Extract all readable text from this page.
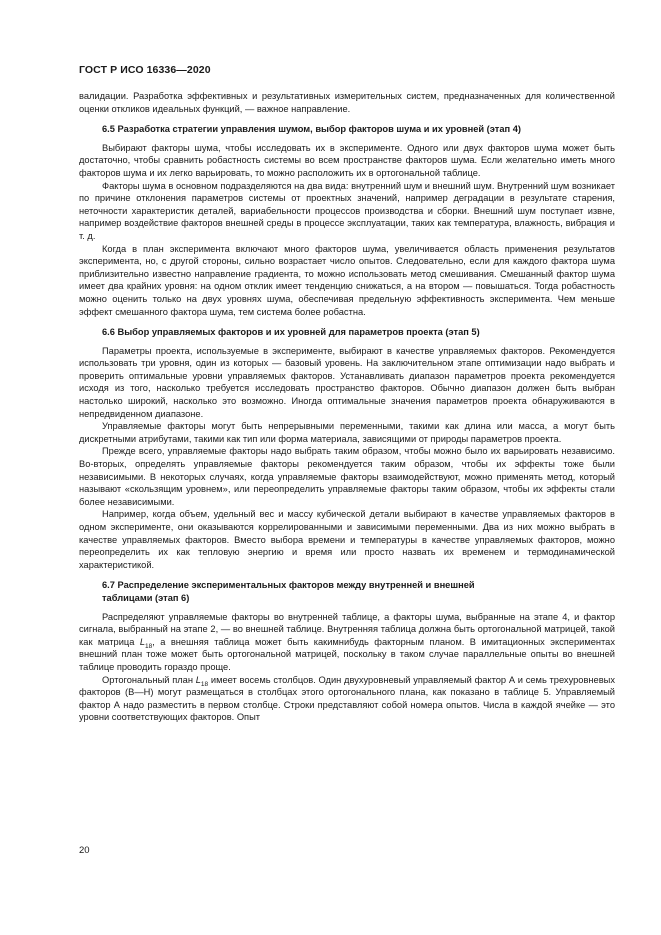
ГОСТ Р ИСО 16336—2020

валидации. Разработка эффективных и результативных измерительных систем, предназначенных для количественной оценки откликов идеальных функций, — важное направление.

6.5 Разработка стратегии управления шумом, выбор факторов шума и их уровней (этап 4)

Выбирают факторы шума, чтобы исследовать их в эксперименте. Одного или двух факторов шума может быть достаточно, чтобы сравнить робастность системы во всем пространстве факторов шума. Если желательно иметь много факторов шума и их легко варьировать, то можно расположить их в ортогональной таблице.

Факторы шума в основном подразделяются на два вида: внутренний шум и внешний шум. Внутренний шум возникает по причине отклонения параметров системы от проектных значений, например деградации в результате старения, неточности характеристик деталей, вариабельности процессов производства и сборки. Внешний шум поступает извне, например воздействие факторов внешней среды в процессе эксплуатации, таких как температура, влажность, вибрация и т. д.

Когда в план эксперимента включают много факторов шума, увеличивается область применения результатов эксперимента, но, с другой стороны, сильно возрастает число опытов. Следовательно, если для каждого фактора шума приблизительно известно направление градиента, то можно использовать метод смешивания. Смешанный фактор шума имеет два крайних уровня: на одном отклик имеет тенденцию снижаться, а на втором — повышаться. Тогда робастность можно оценить только на двух уровнях шума, обеспечивая предельную эффективность эксперимента. Чем меньше эффект смешанного фактора шума, тем система более робастна.

6.6 Выбор управляемых факторов и их уровней для параметров проекта (этап 5)

Параметры проекта, используемые в эксперименте, выбирают в качестве управляемых факторов. Рекомендуется использовать три уровня, один из которых — базовый уровень. На заключительном этапе оптимизации надо выбрать и проверить оптимальные уровни управляемых факторов. Устанавливать диапазон параметров проекта рекомендуется исходя из того, насколько требуется исследовать пространство факторов. Обычно диапазон должен быть выбран настолько широкий, насколько это возможно. Иногда оптимальные значения параметров проекта обнаруживаются в непредвиденном диапазоне.

Управляемые факторы могут быть непрерывными переменными, такими как длина или масса, а могут быть дискретными атрибутами, такими как тип или форма материала, зависящими от природы параметров проекта.

Прежде всего, управляемые факторы надо выбрать таким образом, чтобы можно было их варьировать независимо. Во-вторых, определять управляемые факторы рекомендуется таким образом, чтобы их эффекты тоже были независимыми. В некоторых случаях, когда управляемые факторы взаимодействуют, можно применять метод, который называют «скользящим уровнем», или переопределить управляемые факторы таким образом, чтобы их эффекты стали более независимыми.

Например, когда объем, удельный вес и массу кубической детали выбирают в качестве управляемых факторов в одном эксперименте, они оказываются коррелированными и зависимыми переменными. Два из них можно выбрать в качестве управляемых факторов. Вместо выбора времени и температуры в качестве управляемых факторов, можно переопределить их как тепловую энергию и время или просто назвать их временем и термодинамической характеристикой.

6.7 Распределение экспериментальных факторов между внутренней и внешней
таблицами (этап 6)

Распределяют управляемые факторы во внутренней таблице, а факторы шума, выбранные на этапе 4, и фактор сигнала, выбранный на этапе 2, — во внешней таблице. Внутренняя таблица должна быть ортогональной матрицей, такой как матрица $L_{18}$, а внешняя таблица может быть какимнибудь факторным планом. В имитационных экспериментах внешний план тоже может быть ортогональной матрицей, поскольку в таком случае параллельные опыты во внешней таблице проводить гораздо проще.

Ортогональный план $L_{18}$ имеет восемь столбцов. Один двухуровневый управляемый фактор А и семь трехуровневых факторов (В—Н) могут размещаться в столбцах этого ортогонального плана, как показано в таблице 5. Управляемый фактор А надо разместить в первом столбце. Строки представляют собой номера опытов. Числа в каждой ячейке — это уровни соответствующих факторов. Опыт

20
